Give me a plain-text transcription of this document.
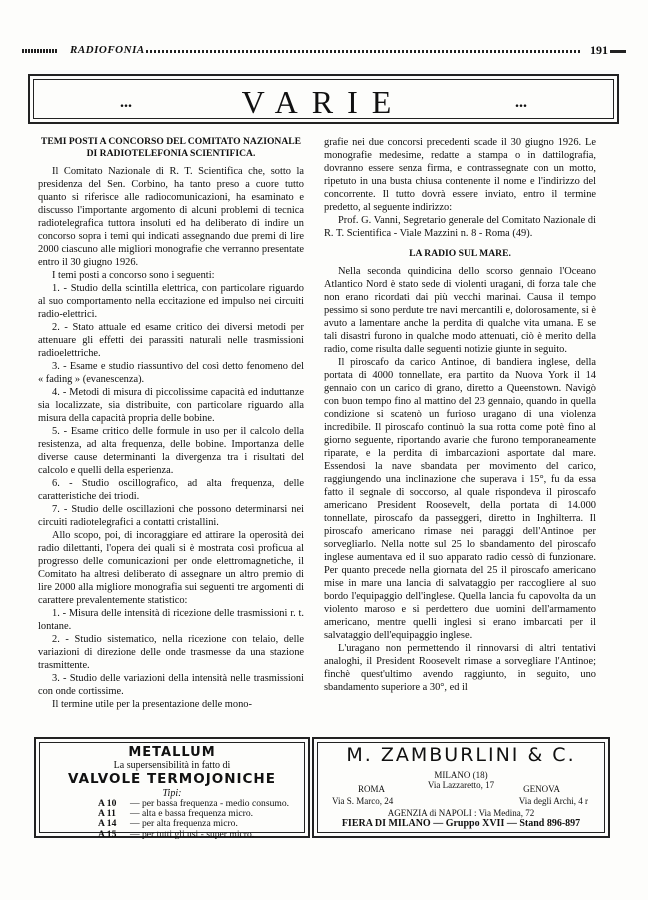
RADIOFONIA	191
...	VARIE	...

TEMI POSTI A CONCORSO DEL COMITATO NAZIONALE

DI RADIOTELEFONIA SCIENTIFICA.

Il Comitato Nazionale di R. T. Scientifica che, sotto la presidenza del Sen. Corbino, ha tanto preso a cuore tutto quanto si riferisce alle radiocomunicazioni, ha esaminato e discusso l'importante argomento di alcuni problemi di tecnica radiotelegrafica tuttora insoluti ed ha deliberato di indire un concorso sopra i temi qui indicati assegnando due premi di lire 2000 ciascuno alle migliori monografie che verranno presentate entro il 30 giugno 1926.

I temi posti a concorso sono i seguenti:

1. - Studio della scintilla elettrica, con particolare riguardo al suo comportamento nella eccitazione ed impulso nei circuiti radio-elettrici.

2. - Stato attuale ed esame critico dei diversi metodi per attenuare gli effetti dei parassiti naturali nelle trasmissioni radioelettriche.

3. - Esame e studio riassuntivo del così detto fenomeno del « fading » (evanescenza).

4. - Metodi di misura di piccolissime capacità ed induttanze sia localizzate, sia distribuite, con particolare riguardo alla misura della capacità propria delle bobine.

5. - Esame critico delle formule in uso per il calcolo della resistenza, ad alta frequenza, delle bobine. Importanza delle diverse cause determinanti la divergenza tra i risultati del calcolo e quelli della esperienza.

6. - Studio oscillografico, ad alta frequenza, delle caratteristiche dei triodi.

7. - Studio delle oscillazioni che possono determinarsi nei circuiti radiotelegrafici a contatti cristallini.

Allo scopo, poi, di incoraggiare ed attirare la operosità dei radio dilettanti, l'opera dei quali si è mostrata così proficua al progresso delle comunicazioni per onde elettromagnetiche, il Comitato ha altresì deliberato di assegnare un altro premio di lire 2000 alla migliore monografia sui seguenti tre argomenti di carattere prevalentemente statistico:

1. - Misura delle intensità di ricezione delle trasmissioni r. t. lontane.

2. - Studio sistematico, nella ricezione con telaio, delle variazioni di direzione delle onde trasmesse da una stazione trasmittente.

3. - Studio delle variazioni della intensità nelle trasmissioni con onde cortissime.

Il termine utile per la presentazione delle mono-

grafie nei due concorsi precedenti scade il 30 giugno 1926. Le monografie medesime, redatte a stampa o in dattilografia, dovranno essere senza firma, e contrassegnate con un motto, ripetuto in una busta chiusa contenente il nome e l'indirizzo del concorrente. Il tutto dovrà essere inviato, entro il termine predetto, al seguente indirizzo:

Prof. G. Vanni, Segretario generale del Comitato Nazionale di R. T. Scientifica - Viale Mazzini n. 8 - Roma (49).

LA RADIO SUL MARE.

Nella seconda quindicina dello scorso gennaio l'Oceano Atlantico Nord è stato sede di violenti uragani, di forza tale che non erano ricordati dai più vecchi marinai. Causa il tempo pessimo si sono perdute tre navi mercantili e, dolorosamente, si è avuto a lamentare anche la perdita di qualche vita umana. E se tali disastri furono in qualche modo attenuati, ciò è merito della radio, come risulta dalle seguenti notizie giunte in seguito.

Il piroscafo da carico Antinoe, di bandiera inglese, della portata di 4000 tonnellate, era partito da Nuova York il 14 gennaio con un carico di grano, diretto a Queenstown. Navigò con buon tempo fino al mattino del 23 gennaio, quando in quella condizione si scatenò un furioso uragano di una violenza incredibile. Il piroscafo continuò la sua rotta come potè fino al giorno seguente, riportando avarie che furono temporaneamente riparate, e la perdita di imbarcazioni asportate dal mare. Essendosi la nave sbandata per movimento del carico, raggiungendo una inclinazione che superava i 15°, fu da essa fatto il segnale di soccorso, al quale rispondeva il piroscafo americano President Roosevelt, della portata di 14.000 tonnellate, piroscafo da passeggeri, diretto in Inghilterra. Il piroscafo americano rimase nei paraggi dell'Antinoe per sorvegliarlo. Nella notte sul 25 lo sbandamento del piroscafo inglese aumentava ed il suo apparato radio cessò di funzionare. Per quanto precede nella giornata del 25 il piroscafo americano mise in mare una lancia di salvataggio per raccogliere al suo bordo l'equipaggio dell'inglese. Quella lancia fu capovolta da un violento maroso e si perdettero due uomini dell'armamento americano, mentre quelli inglesi si erano imbarcati per il salvataggio dell'equipaggio inglese.

L'uragano non permettendo il rinnovarsi di altri tentativi analoghi, il President Roosevelt rimase a sorvegliare l'Antinoe; finchè quest'ultimo avendo raggiunto, in seguito, uno sbandamento superiore a 30°, ed il

METALLUM
La supersensibilità in fatto di
VALVOLE TERMOJONICHE
Tipi:
A 10 — per bassa frequenza - medio consumo.
A 11 — alta e bassa frequenza micro.
A 14 — per alta frequenza micro.
A 15 — per tutti gli usi - super micro.
M. ZAMBURLINI & C.
MILANO (18)
Via Lazzaretto, 17
ROMA
Via S. Marco, 24
GENOVA
Via degli Archi, 4 r
AGENZIA di NAPOLI : Via Medina, 72
FIERA DI MILANO — Gruppo XVII — Stand 896-897
